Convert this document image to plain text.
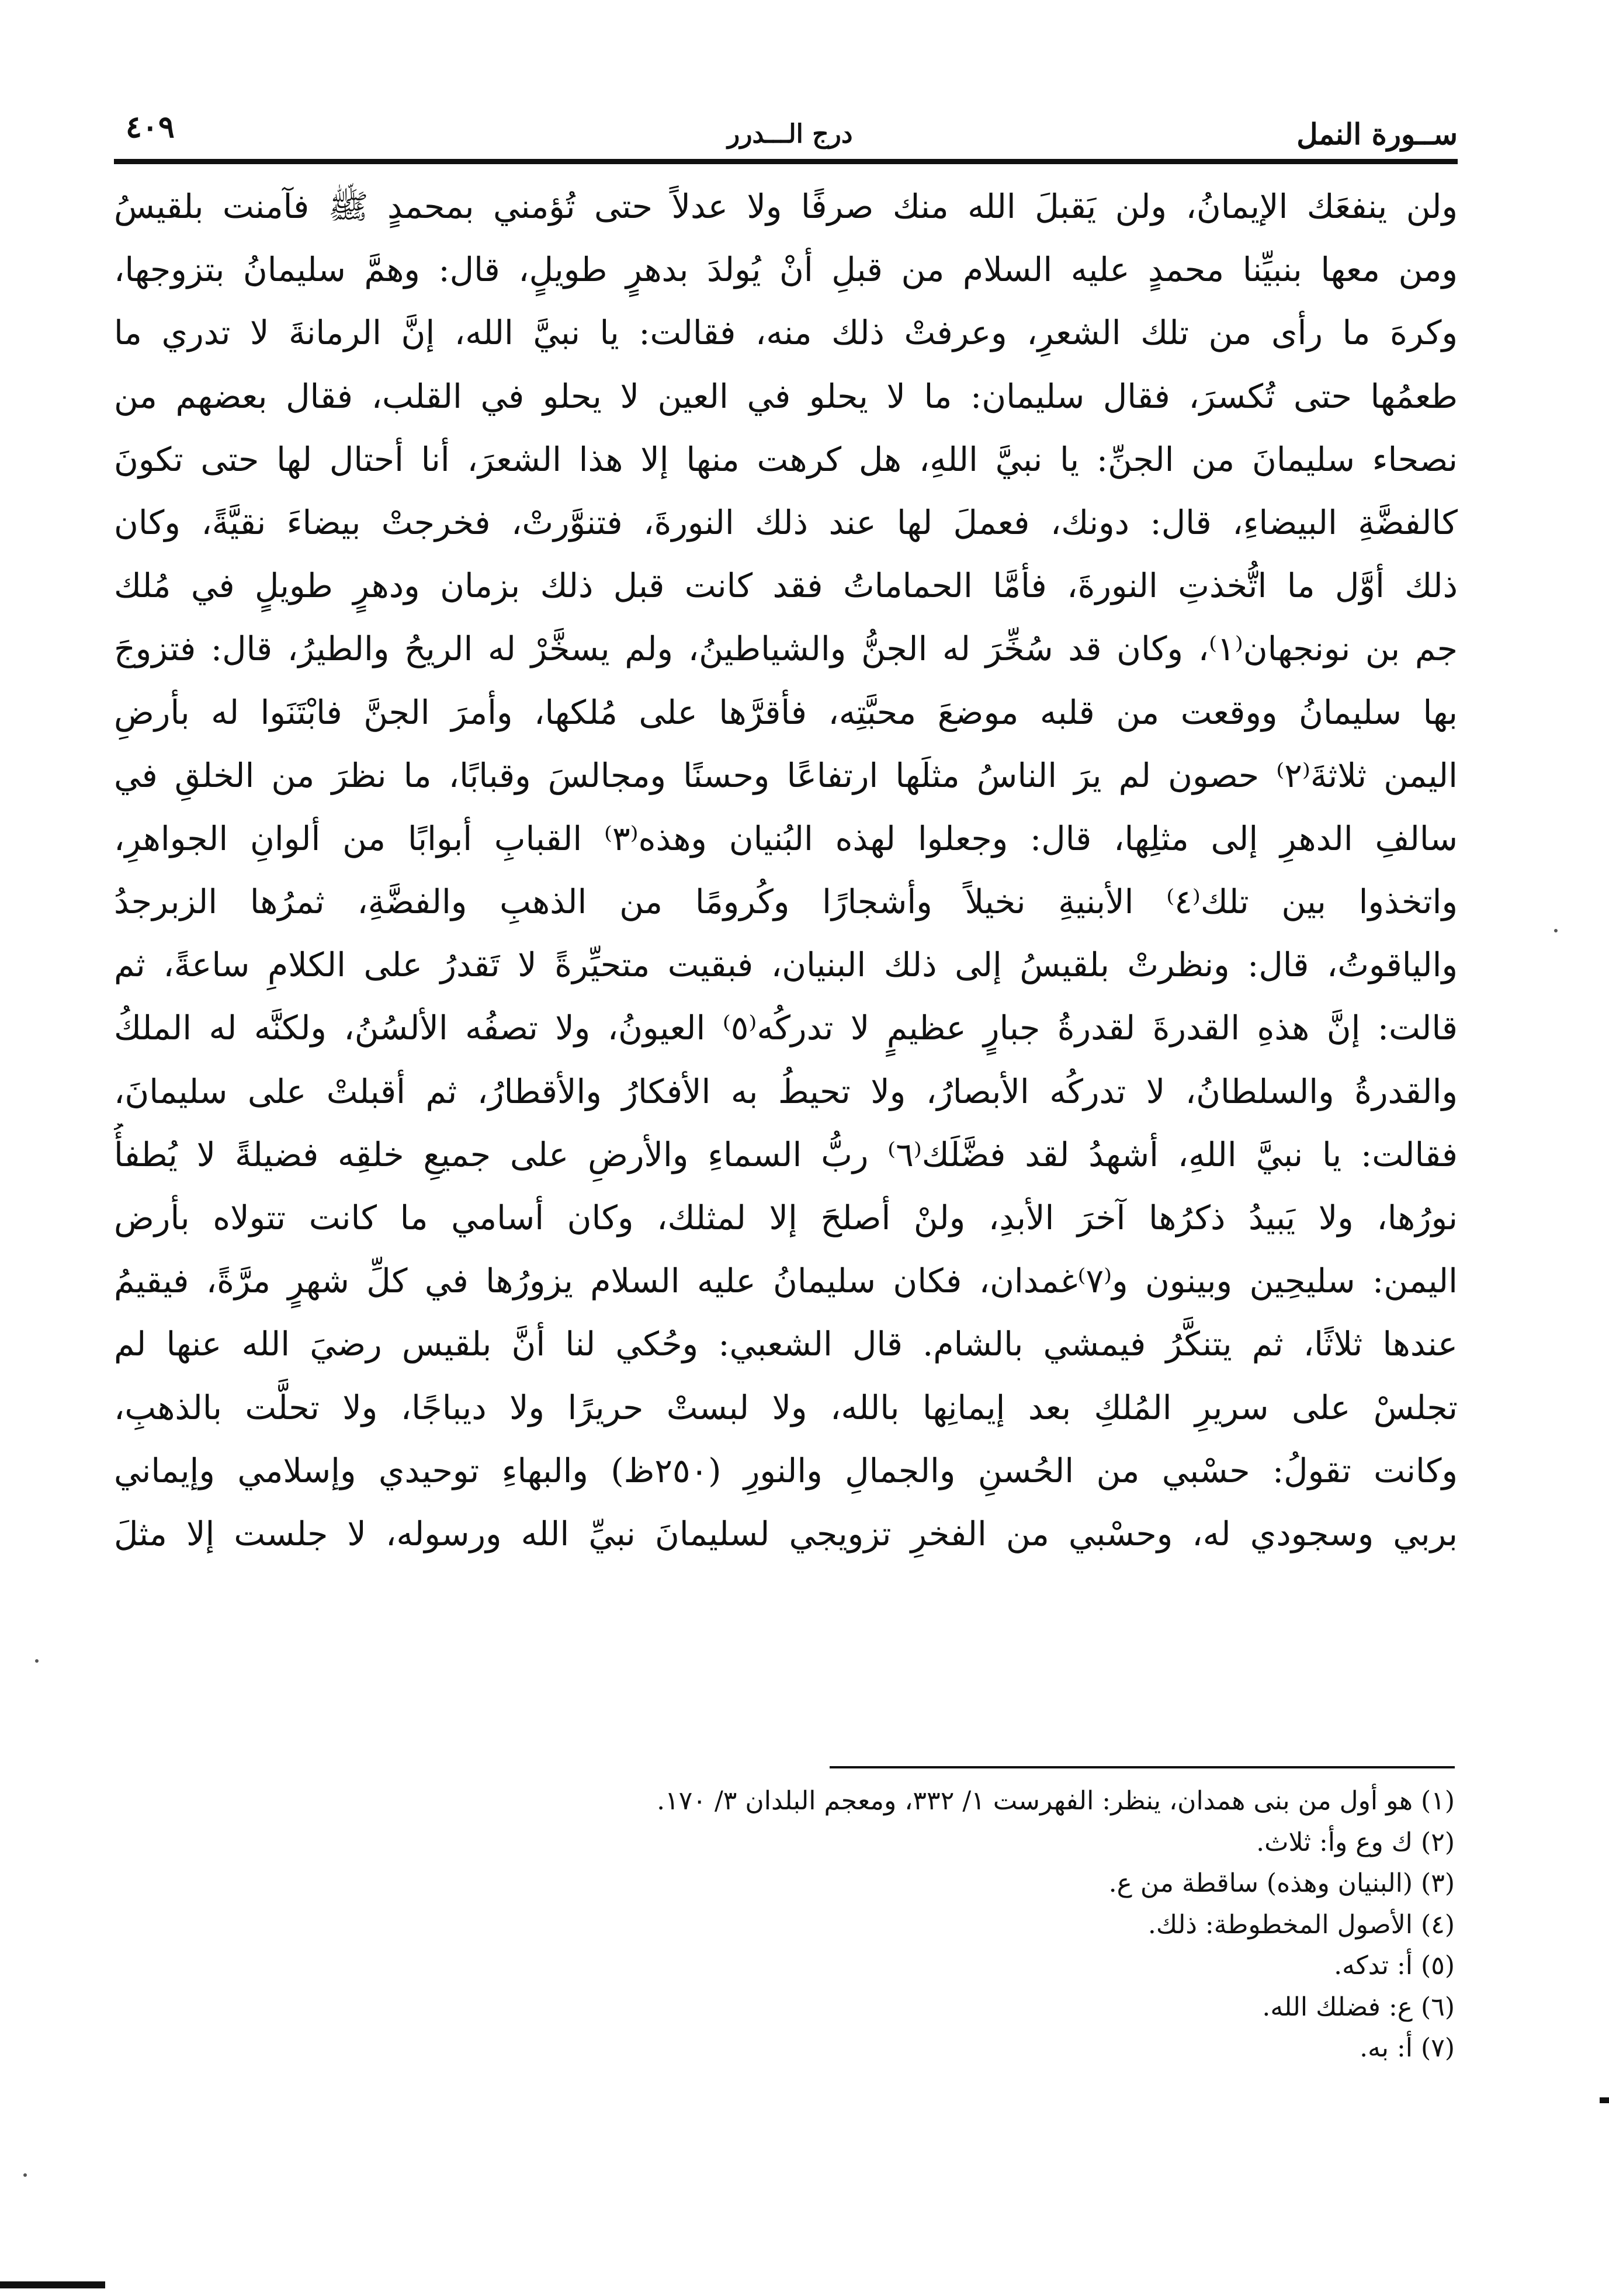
ســورة النمل
درج الـــدرر
٤٠٩
ولن ينفعَك الإيمانُ، ولن يَقبلَ الله منك صرفًا ولا عدلاً حتى تُؤمني بمحمدٍ ﷺ فآمنت بلقيسُ
ومن معها بنبيِّنا محمدٍ عليه السلام من قبلِ أنْ يُولدَ بدهرٍ طويلٍ، قال: وهمَّ سليمانُ بتزوجها،
وكرهَ ما رأى من تلك الشعرِ، وعرفتْ ذلك منه، فقالت: يا نبيَّ الله، إنَّ الرمانةَ لا تدري ما
طعمُها حتى تُكسرَ، فقال سليمان: ما لا يحلو في العين لا يحلو في القلب، فقال بعضهم من
نصحاء سليمانَ من الجنِّ: يا نبيَّ اللهِ، هل كرهت منها إلا هذا الشعرَ، أنا أحتال لها حتى تكونَ
كالفضَّةِ البيضاءِ، قال: دونك، فعملَ لها عند ذلك النورةَ، فتنوَّرتْ، فخرجتْ بيضاءَ نقيَّةً، وكان
ذلك أوَّل ما اتُّخذتِ النورةَ، فأمَّا الحماماتُ فقد كانت قبل ذلك بزمان ودهرٍ طويلٍ في مُلك
جم بن نونجهان⁽١⁾، وكان قد سُخِّرَ له الجنُّ والشياطينُ، ولم يسخَّرْ له الريحُ والطيرُ، قال: فتزوجَ
بها سليمانُ ووقعت من قلبه موضعَ محبَّتِه، فأقرَّها على مُلكها، وأمرَ الجنَّ فابْتَنَوا له بأرضِ
اليمن ثلاثةَ⁽٢⁾ حصون لم يرَ الناسُ مثلَها ارتفاعًا وحسنًا ومجالسَ وقبابًا، ما نظرَ من الخلقِ في
سالفِ الدهرِ إلى مثلِها، قال: وجعلوا لهذه البُنيان وهذه⁽٣⁾ القبابِ أبوابًا من ألوانِ الجواهرِ،
واتخذوا بين تلك⁽٤⁾ الأبنيةِ نخيلاً وأشجارًا وكُرومًا من الذهبِ والفضَّةِ، ثمرُها الزبرجدُ
والياقوتُ، قال: ونظرتْ بلقيسُ إلى ذلك البنيان، فبقيت متحيِّرةً لا تَقدرُ على الكلامِ ساعةً، ثم
قالت: إنَّ هذهِ القدرةَ لقدرةُ جبارٍ عظيمٍ لا تدركُه⁽٥⁾ العيونُ، ولا تصفُه الألسُنُ، ولكنَّه له الملكُ
والقدرةُ والسلطانُ، لا تدركُه الأبصارُ، ولا تحيطُ به الأفكارُ والأقطارُ، ثم أقبلتْ على سليمانَ،
فقالت: يا نبيَّ اللهِ، أشهدُ لقد فضَّلَك⁽٦⁾ ربُّ السماءِ والأرضِ على جميعِ خلقِه فضيلةً لا يُطفأُ
نورُها، ولا يَبيدُ ذكرُها آخرَ الأبدِ، ولنْ أصلحَ إلا لمثلك، وكان أسامي ما كانت تتولاه بأرض
اليمن: سليحِين وبينون و⁽٧⁾غمدان، فكان سليمانُ عليه السلام يزورُها في كلِّ شهرٍ مرَّةً، فيقيمُ
عندها ثلاثًا، ثم يتنكَّرُ فيمشي بالشام. قال الشعبي: وحُكي لنا أنَّ بلقيس رضيَ الله عنها لم
تجلسْ على سريرِ المُلكِ بعد إيمانِها بالله، ولا لبستْ حريرًا ولا ديباجًا، ولا تحلَّت بالذهبِ،
وكانت تقولُ: حسْبي من الحُسنِ والجمالِ والنورِ (٢٥٠ظ) والبهاءِ توحيدي وإسلامي وإيماني
بربي وسجودي له، وحسْبي من الفخرِ تزويجي لسليمانَ نبيِّ الله ورسوله، لا جلست إلا مثلَ
(١) هو أول من بنى همدان، ينظر: الفهرست ١/ ٣٣٢، ومعجم البلدان ٣/ ١٧٠.
(٢) ك وع وأ: ثلاث.
(٣) (البنيان وهذه) ساقطة من ع.
(٤) الأصول المخطوطة: ذلك.
(٥) أ: تدكه.
(٦) ع: فضلك الله.
(٧) أ: به.
